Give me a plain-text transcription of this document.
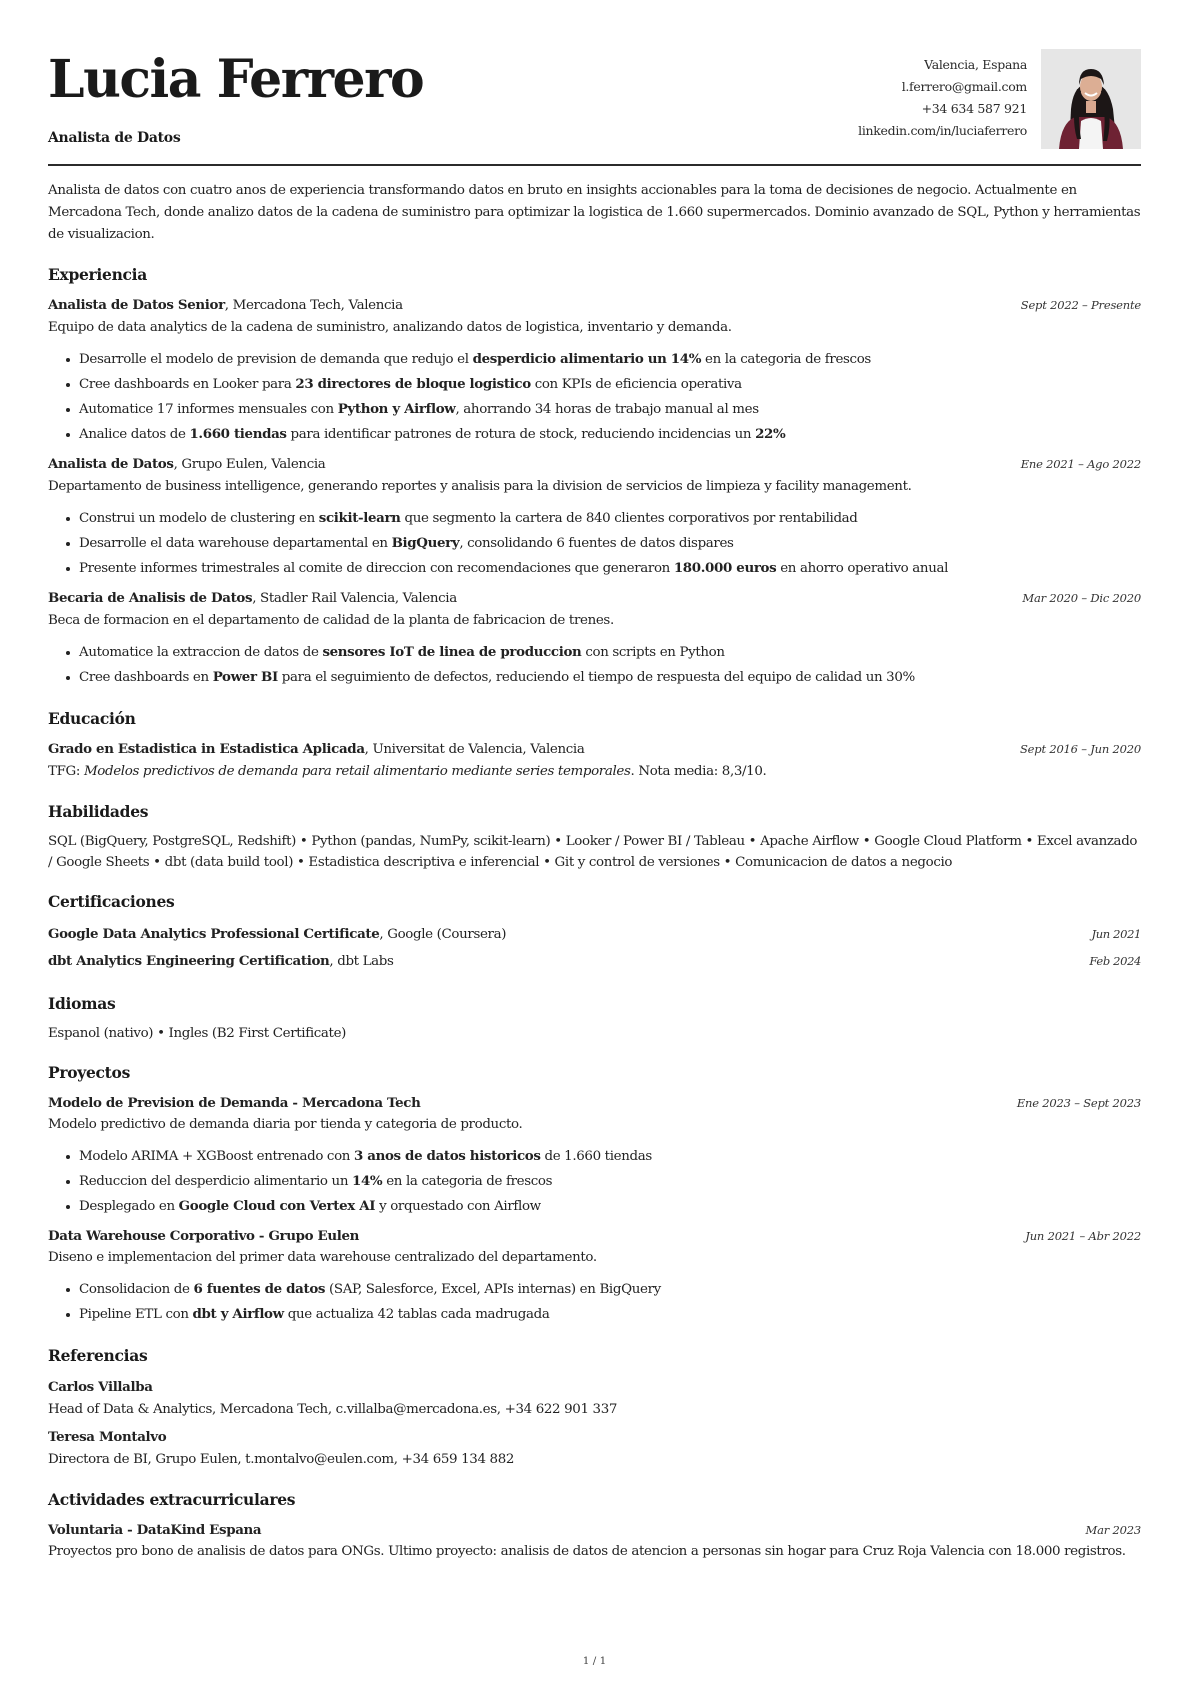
Lucia Ferrero
Analista de Datos
Valencia, Espana
l.ferrero@gmail.com
+34 634 587 921
linkedin.com/in/luciaferrero
Analista de datos con cuatro anos de experiencia transformando datos en bruto en insights accionables para la toma de decisiones de negocio. Actualmente en Mercadona Tech, donde analizo datos de la cadena de suministro para optimizar la logistica de 1.660 supermercados. Dominio avanzado de SQL, Python y herramientas de visualizacion.
Experiencia
Analista de Datos Senior, Mercadona Tech, Valencia	Sept 2022 – Presente
Equipo de data analytics de la cadena de suministro, analizando datos de logistica, inventario y demanda.
Desarrolle el modelo de prevision de demanda que redujo el desperdicio alimentario un 14% en la categoria de frescos
Cree dashboards en Looker para 23 directores de bloque logistico con KPIs de eficiencia operativa
Automatice 17 informes mensuales con Python y Airflow, ahorrando 34 horas de trabajo manual al mes
Analice datos de 1.660 tiendas para identificar patrones de rotura de stock, reduciendo incidencias un 22%
Analista de Datos, Grupo Eulen, Valencia	Ene 2021 – Ago 2022
Departamento de business intelligence, generando reportes y analisis para la division de servicios de limpieza y facility management.
Construi un modelo de clustering en scikit-learn que segmento la cartera de 840 clientes corporativos por rentabilidad
Desarrolle el data warehouse departamental en BigQuery, consolidando 6 fuentes de datos dispares
Presente informes trimestrales al comite de direccion con recomendaciones que generaron 180.000 euros en ahorro operativo anual
Becaria de Analisis de Datos, Stadler Rail Valencia, Valencia	Mar 2020 – Dic 2020
Beca de formacion en el departamento de calidad de la planta de fabricacion de trenes.
Automatice la extraccion de datos de sensores IoT de linea de produccion con scripts en Python
Cree dashboards en Power BI para el seguimiento de defectos, reduciendo el tiempo de respuesta del equipo de calidad un 30%
Educación
Grado en Estadistica in Estadistica Aplicada, Universitat de Valencia, Valencia	Sept 2016 – Jun 2020
TFG: Modelos predictivos de demanda para retail alimentario mediante series temporales. Nota media: 8,3/10.
Habilidades
SQL (BigQuery, PostgreSQL, Redshift) • Python (pandas, NumPy, scikit-learn) • Looker / Power BI / Tableau • Apache Airflow • Google Cloud Platform • Excel avanzado / Google Sheets • dbt (data build tool) • Estadistica descriptiva e inferencial • Git y control de versiones • Comunicacion de datos a negocio
Certificaciones
Google Data Analytics Professional Certificate, Google (Coursera)	Jun 2021
dbt Analytics Engineering Certification, dbt Labs	Feb 2024
Idiomas
Espanol (nativo) • Ingles (B2 First Certificate)
Proyectos
Modelo de Prevision de Demanda - Mercadona Tech	Ene 2023 – Sept 2023
Modelo predictivo de demanda diaria por tienda y categoria de producto.
Modelo ARIMA + XGBoost entrenado con 3 anos de datos historicos de 1.660 tiendas
Reduccion del desperdicio alimentario un 14% en la categoria de frescos
Desplegado en Google Cloud con Vertex AI y orquestado con Airflow
Data Warehouse Corporativo - Grupo Eulen	Jun 2021 – Abr 2022
Diseno e implementacion del primer data warehouse centralizado del departamento.
Consolidacion de 6 fuentes de datos (SAP, Salesforce, Excel, APIs internas) en BigQuery
Pipeline ETL con dbt y Airflow que actualiza 42 tablas cada madrugada
Referencias
Carlos Villalba
Head of Data & Analytics, Mercadona Tech, c.villalba@mercadona.es, +34 622 901 337
Teresa Montalvo
Directora de BI, Grupo Eulen, t.montalvo@eulen.com, +34 659 134 882
Actividades extracurriculares
Voluntaria - DataKind Espana	Mar 2023
Proyectos pro bono de analisis de datos para ONGs. Ultimo proyecto: analisis de datos de atencion a personas sin hogar para Cruz Roja Valencia con 18.000 registros.
1 / 1
